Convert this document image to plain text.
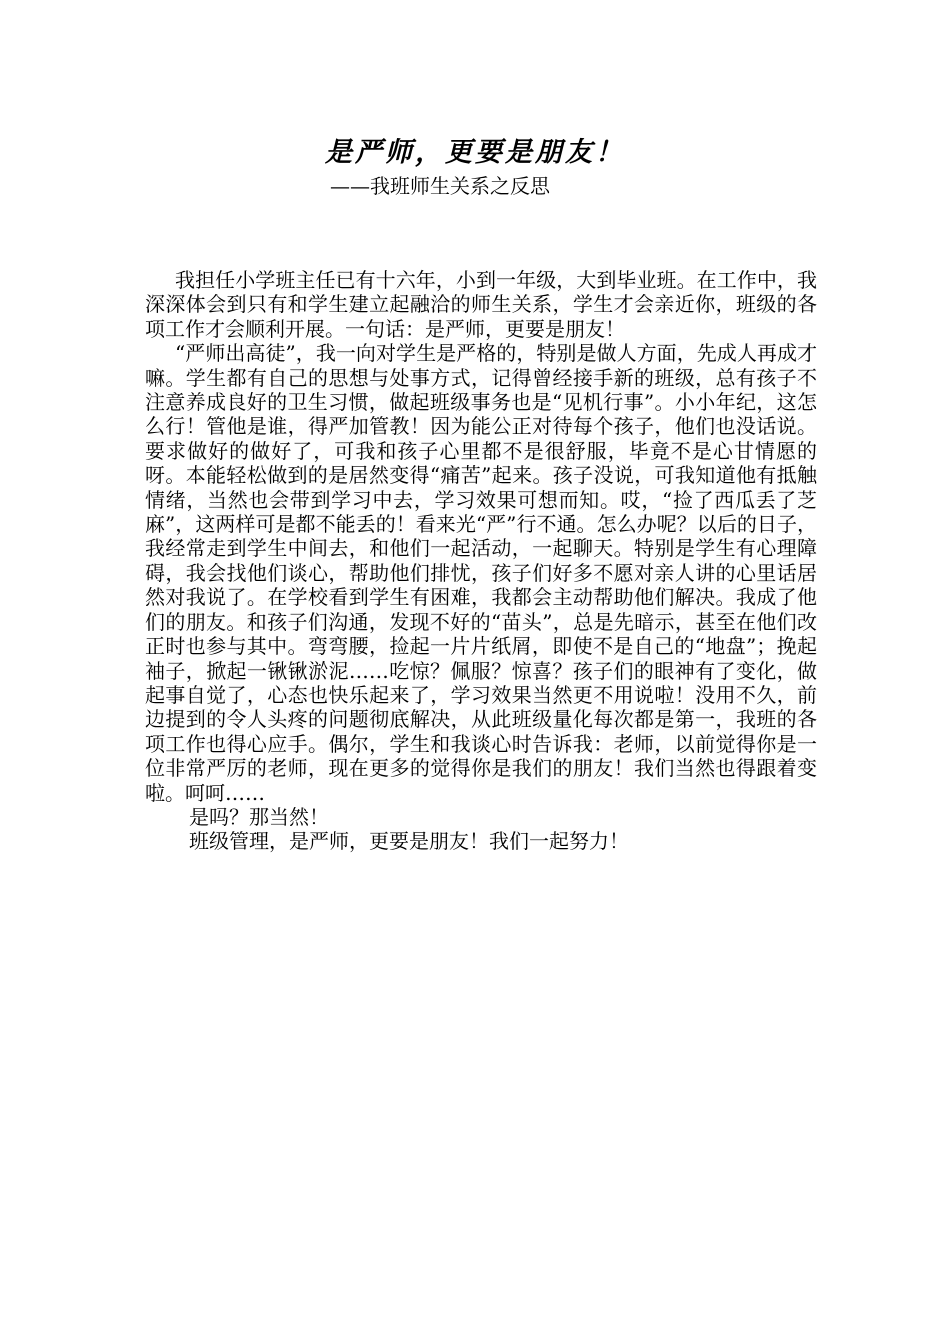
是严师，更要是朋友！
——我班师生关系之反思

我担任小学班主任已有十六年，小到一年级，大到毕业班。在工作中，我深深体会到只有和学生建立起融洽的师生关系，学生才会亲近你，班级的各项工作才会顺利开展。一句话：是严师，更要是朋友！

“严师出高徒”，我一向对学生是严格的，特别是做人方面，先成人再成才嘛。学生都有自己的思想与处事方式，记得曾经接手新的班级，总有孩子不注意养成良好的卫生习惯，做起班级事务也是“见机行事”。小小年纪，这怎么行！管他是谁，得严加管教！因为能公正对待每个孩子，他们也没话说。要求做好的做好了，可我和孩子心里都不是很舒服，毕竟不是心甘情愿的呀。本能轻松做到的是居然变得“痛苦”起来。孩子没说，可我知道他有抵触情绪，当然也会带到学习中去，学习效果可想而知。哎，“捡了西瓜丢了芝麻”，这两样可是都不能丢的！看来光“严”行不通。怎么办呢？以后的日子，我经常走到学生中间去，和他们一起活动，一起聊天。特别是学生有心理障碍，我会找他们谈心，帮助他们排忧，孩子们好多不愿对亲人讲的心里话居然对我说了。在学校看到学生有困难，我都会主动帮助他们解决。我成了他们的朋友。和孩子们沟通，发现不好的“苗头”，总是先暗示，甚至在他们改正时也参与其中。弯弯腰，捡起一片片纸屑，即使不是自己的“地盘”；挽起袖子，掀起一锹锹淤泥……吃惊？佩服？惊喜？孩子们的眼神有了变化，做起事自觉了，心态也快乐起来了，学习效果当然更不用说啦！没用不久，前边提到的令人头疼的问题彻底解决，从此班级量化每次都是第一，我班的各项工作也得心应手。偶尔，学生和我谈心时告诉我：老师，以前觉得你是一位非常严厉的老师，现在更多的觉得你是我们的朋友！我们当然也得跟着变啦。呵呵……

是吗？那当然！

班级管理，是严师，更要是朋友！我们一起努力！
